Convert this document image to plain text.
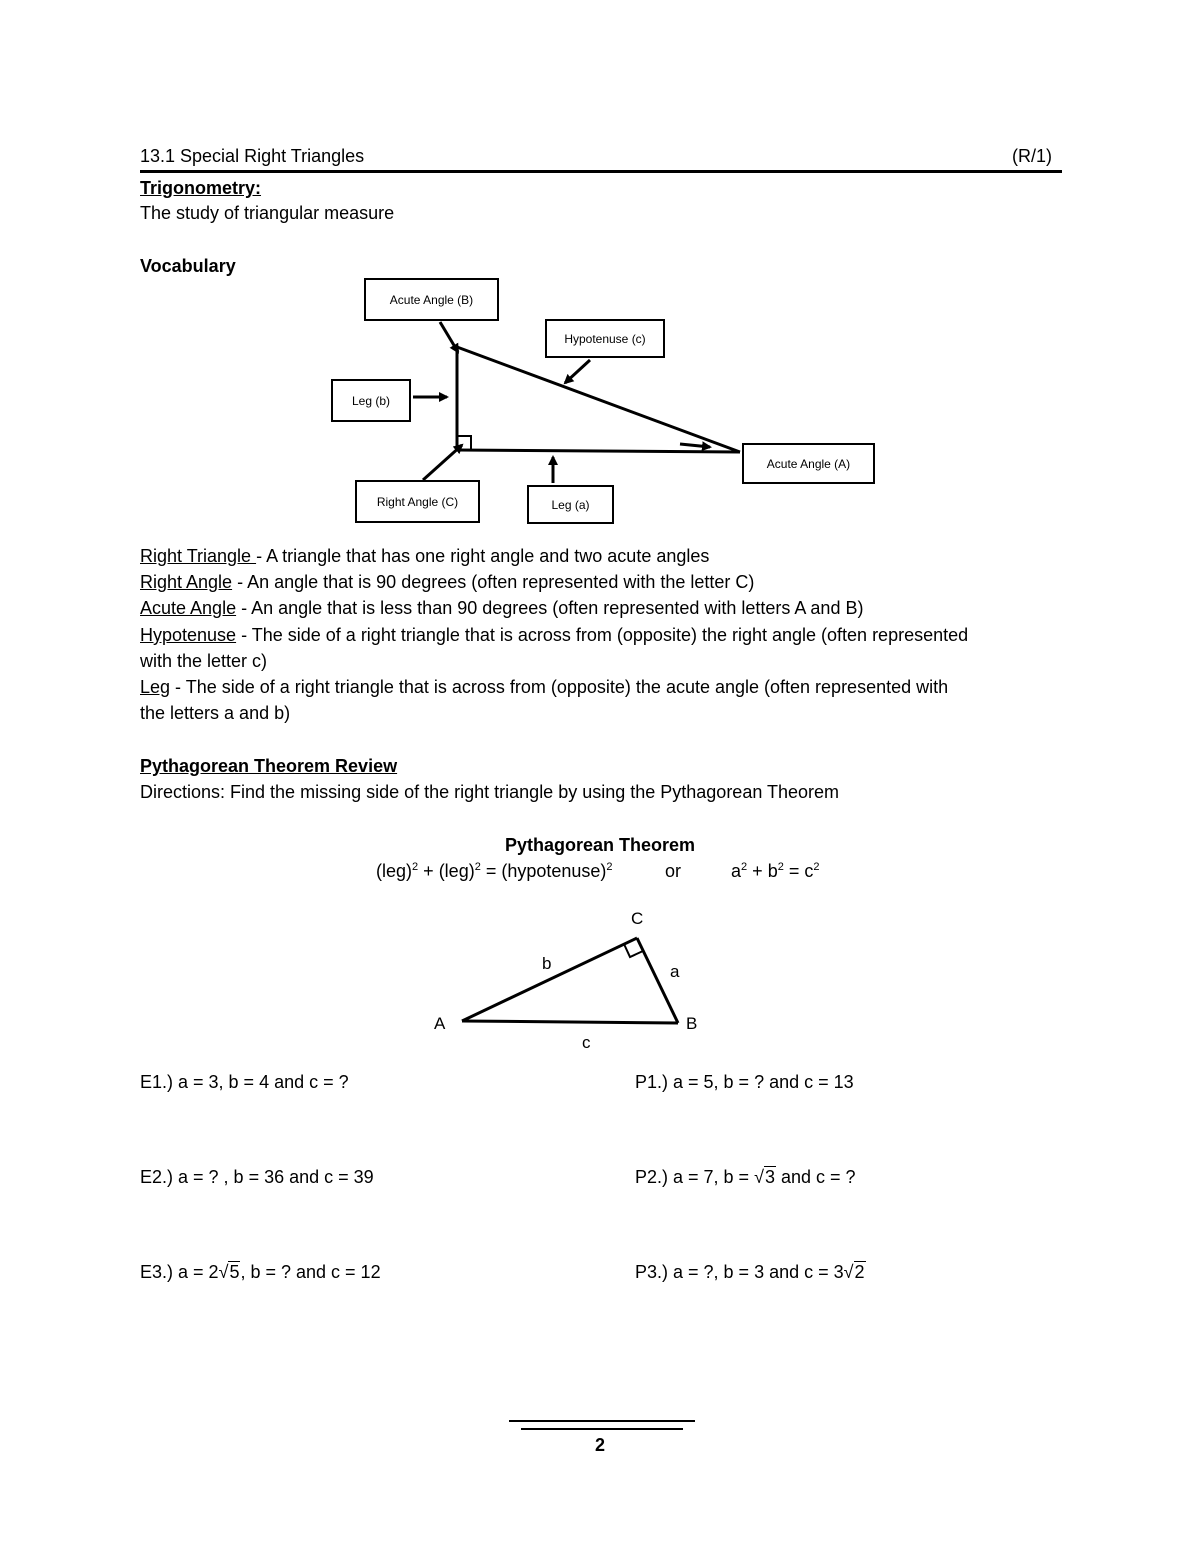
13.1 Special Right Triangles	(R/1)
Trigonometry:
The study of triangular measure
Vocabulary
Acute Angle (B)
Hypotenuse (c)
Leg (b)
Acute Angle (A)
Right Angle (C)	Leg (a)
Right Triangle - A triangle that has one right angle and two acute angles
Right Angle - An angle that is 90 degrees (often represented with the letter C)
Acute Angle - An angle that is less than 90 degrees (often represented with letters A and B)
Hypotenuse - The side of a right triangle that is across from (opposite) the right angle (often represented
with the letter c)
Leg - The side of a right triangle that is across from (opposite) the acute angle (often represented with
the letters a and b)
Pythagorean Theorem Review
Directions: Find the missing side of the right triangle by using the Pythagorean Theorem
Pythagorean Theorem
(leg)$^2$ + (leg)$^2$ = (hypotenuse)$^2$	or	$a^2 + b^2 = c^2$
C
b	a
A	B
c
E1.) a = 3, b = 4 and c = ?	P1.) a = 5, b = ? and c = 13
E2.) a = ? , b = 36 and c = 39	P2.) a = 7, b = √3 and c = ?
E3.) a = 2√5, b = ? and c = 12	P3.) a = ?, b = 3 and c = 3√2
2
